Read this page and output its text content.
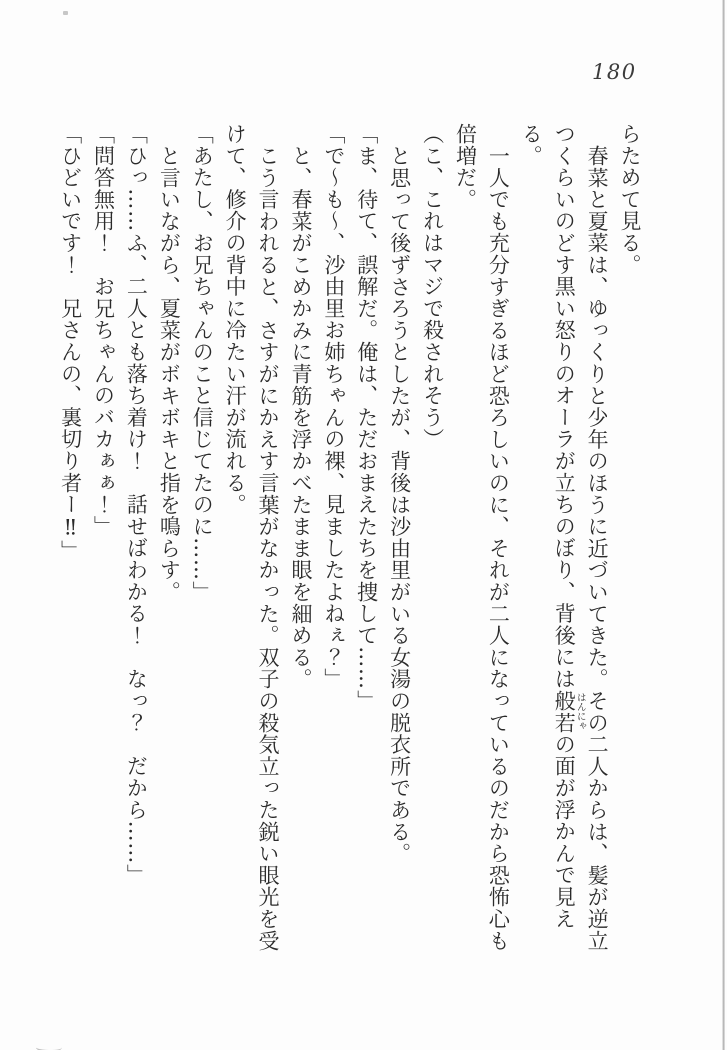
180

らためて見る。

春菜と夏菜は、ゆっくりと少年のほうに近づいてきた。その二人からは、髪が逆立つくらいのどす黒い怒りのオーラが立ちのぼり、背後には般若はんにゃの面が浮かんで見える。

一人でも充分すぎるほど恐ろしいのに、それが二人になっているのだから恐怖心も倍増だ。

（こ、これはマジで殺されそう）

と思って後ずさろうとしたが、背後は沙由里がいる女湯の脱衣所である。

「ま、待て、誤解だ。俺は、ただおまえたちを捜して……」

「で〜も〜、沙由里お姉ちゃんの裸、見ましたよねぇ？」

と、春菜がこめかみに青筋を浮かべたまま眼を細める。

こう言われると、さすがにかえす言葉がなかった。双子の殺気立った鋭い眼光を受けて、修介の背中に冷たい汗が流れる。

「あたし、お兄ちゃんのこと信じてたのに……」

と言いながら、夏菜がボキボキと指を鳴らす。

「ひっ……ふ、二人とも落ち着け！　話せばわかる！　なっ？　だから……」

「問答無用！　お兄ちゃんのバカぁぁ！」

「ひどいです！　兄さんの、裏切り者ー‼」
